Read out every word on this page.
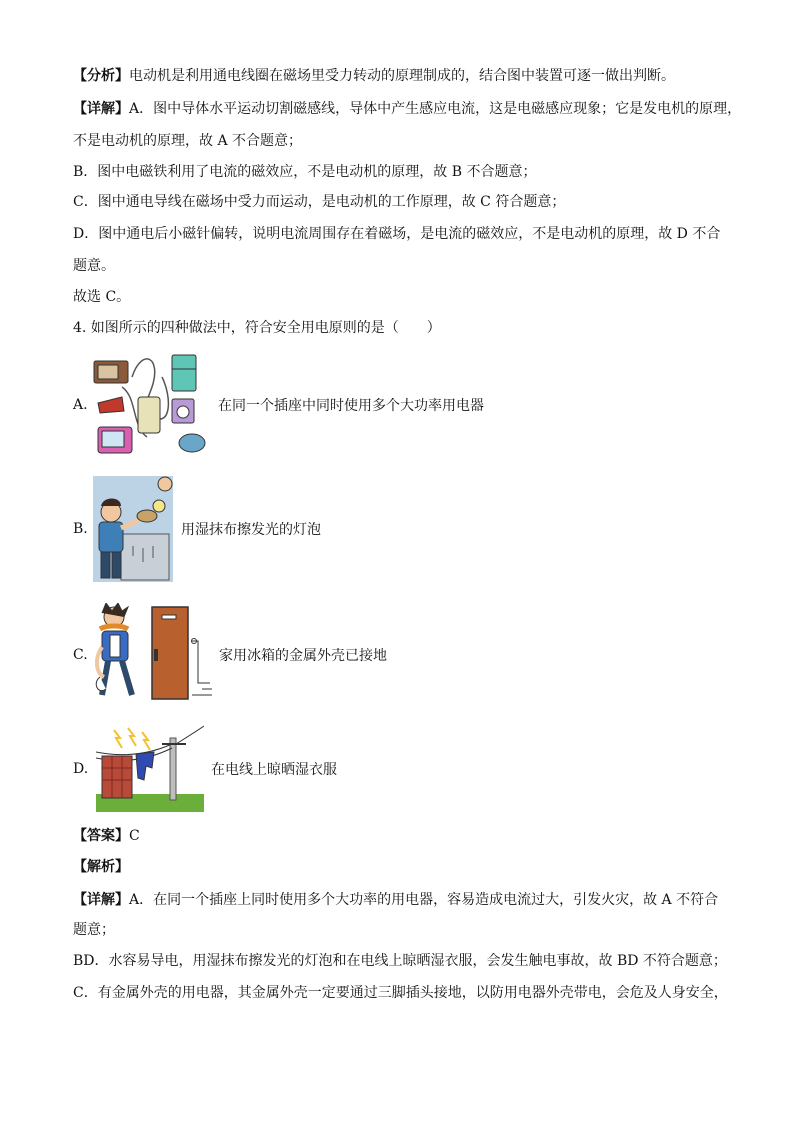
【分析】电动机是利用通电线圈在磁场里受力转动的原理制成的，结合图中装置可逐一做出判断。
【详解】A．图中导体水平运动切割磁感线，导体中产生感应电流，这是电磁感应现象；它是发电机的原理，
不是电动机的原理，故 A 不合题意；
B．图中电磁铁利用了电流的磁效应，不是电动机的原理，故 B 不合题意；
C．图中通电导线在磁场中受力而运动，是电动机的工作原理，故 C 符合题意；
D．图中通电后小磁针偏转，说明电流周围存在着磁场，是电流的磁效应，不是电动机的原理，故 D 不合
题意。
故选 C。
4. 如图所示的四种做法中，符合安全用电原则的是（　　）
A.	在同一个插座中同时使用多个大功率用电器
B.	用湿抹布擦发光的灯泡
C.	家用冰箱的金属外壳已接地
D.	在电线上晾晒湿衣服
【答案】C
【解析】
【详解】A．在同一个插座上同时使用多个大功率的用电器，容易造成电流过大，引发火灾，故 A 不符合
题意；
BD．水容易导电，用湿抹布擦发光的灯泡和在电线上晾晒湿衣服，会发生触电事故，故 BD 不符合题意；
C．有金属外壳的用电器，其金属外壳一定要通过三脚插头接地，以防用电器外壳带电，会危及人身安全，
